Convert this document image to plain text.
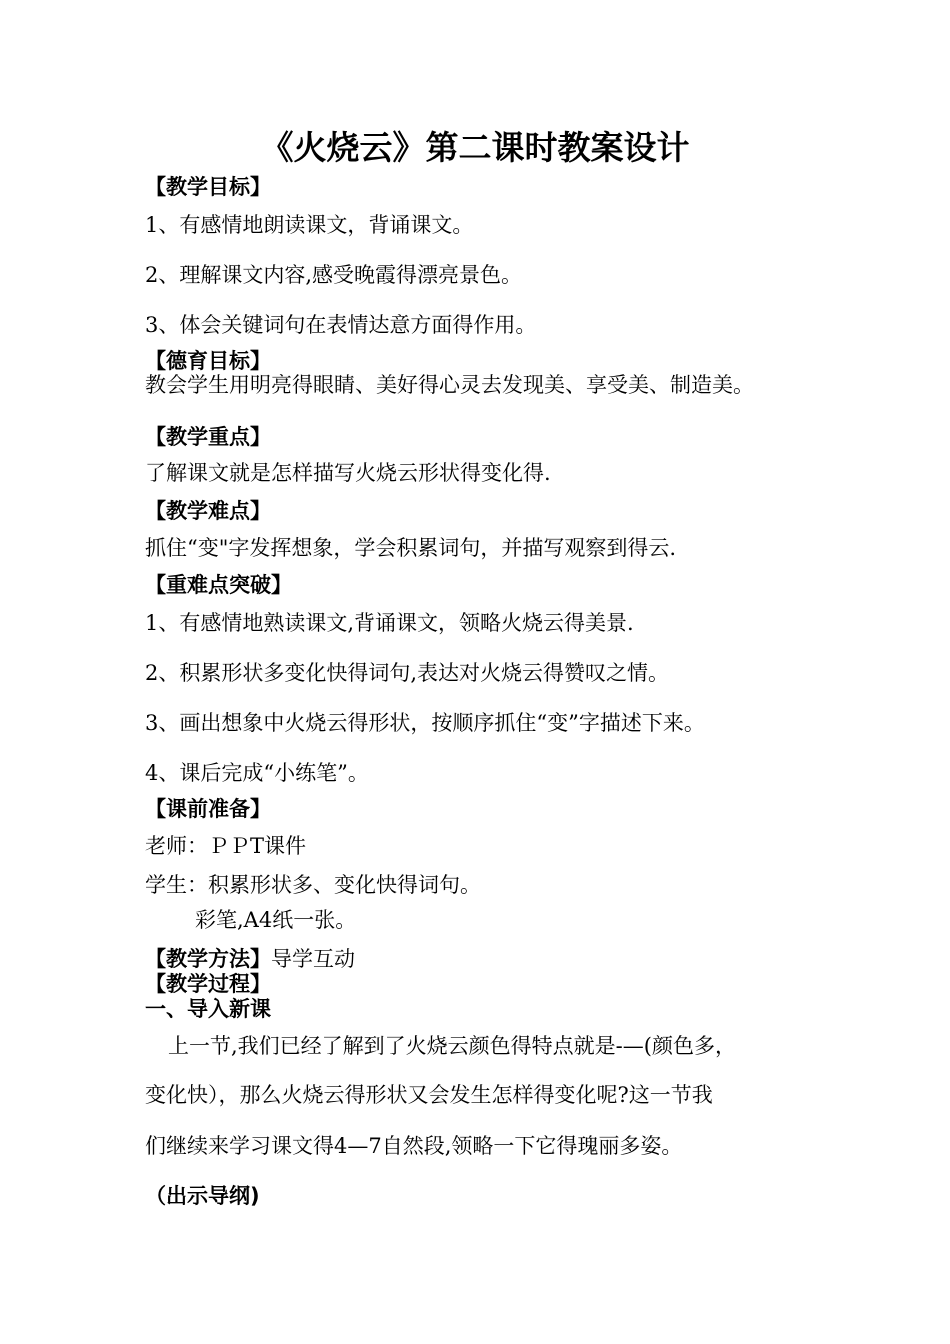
《火烧云》第二课时教案设计
【教学目标】
1、有感情地朗读课文，背诵课文。
2、理解课文内容,感受晚霞得漂亮景色。
3、体会关键词句在表情达意方面得作用。
【德育目标】
教会学生用明亮得眼睛、美好得心灵去发现美、享受美、制造美。
【教学重点】
了解课文就是怎样描写火烧云形状得变化得.
【教学难点】
抓住“变"字发挥想象，学会积累词句，并描写观察到得云.
【重难点突破】
1、有感情地熟读课文,背诵课文，领略火烧云得美景.
2、积累形状多变化快得词句,表达对火烧云得赞叹之情。
3、画出想象中火烧云得形状，按顺序抓住“变”字描述下来。
4、课后完成“小练笔”。
【课前准备】
老师：ＰＰT课件
学生：积累形状多、变化快得词句。
彩笔,A4纸一张。
【教学方法】导学互动
【教学过程】
一、导入新课
上一节,我们已经了解到了火烧云颜色得特点就是-—(颜色多，
变化快），那么火烧云得形状又会发生怎样得变化呢?这一节我
们继续来学习课文得4—7自然段,领略一下它得瑰丽多姿。
（出示导纲)
